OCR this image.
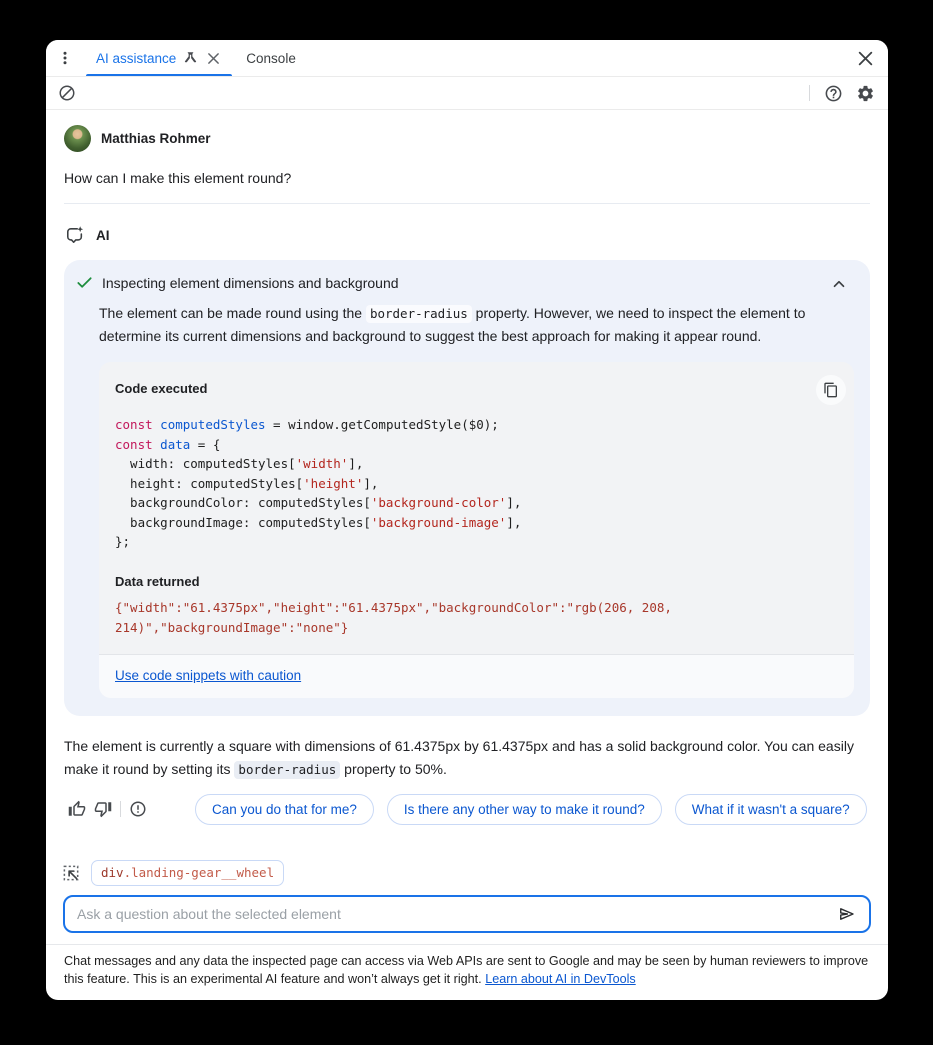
AI assistance	Console
Matthias Rohmer
How can I make this element round?
AI
Inspecting element dimensions and background

The element can be made round using the border-radius property. However, we need to inspect the element to determine its current dimensions and background to suggest the best approach for making it appear round.

Code executed
const computedStyles = window.getComputedStyle($0);
const data = {
width: computedStyles['width'],
height: computedStyles['height'],
backgroundColor: computedStyles['background-color'],
backgroundImage: computedStyles['background-image'],
};

Data returned
{"width":"61.4375px","height":"61.4375px","backgroundColor":"rgb(206, 208, 214)","backgroundImage":"none"}
Use code snippets with caution

The element is currently a square with dimensions of 61.4375px by 61.4375px and has a solid background color. You can easily make it round by setting its border-radius property to 50%.

Can you do that for me?	Is there any other way to make it round?	What if it wasn't a square?
div .landing-gear__wheel
Ask a question about the selected element
Chat messages and any data the inspected page can access via Web APIs are sent to Google and may be seen by human reviewers to improve this feature. This is an experimental AI feature and won’t always get it right. Learn about AI in DevTools
